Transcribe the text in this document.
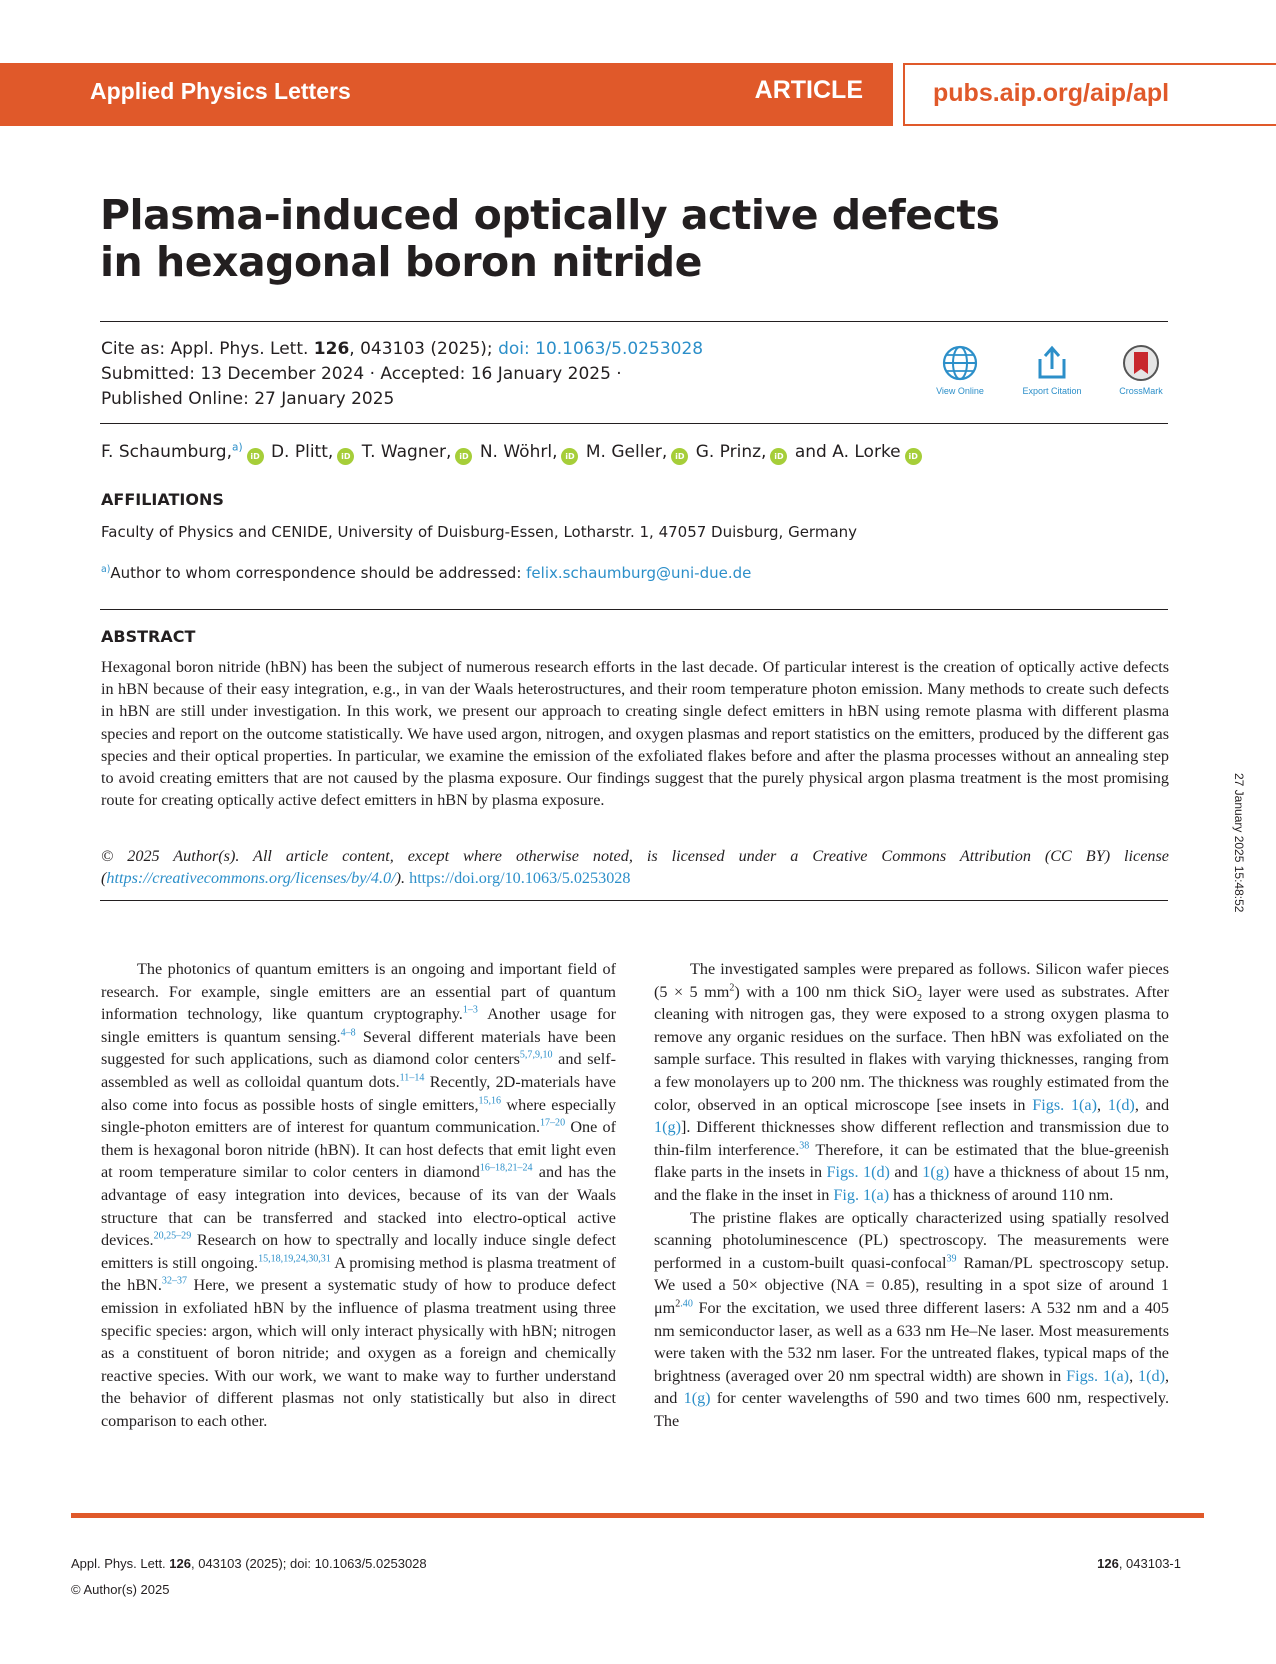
Applied Physics Letters	ARTICLE	pubs.aip.org/aip/apl
Plasma-induced optically active defects
in hexagonal boron nitride
Cite as: Appl. Phys. Lett. 126, 043103 (2025); doi: 10.1063/5.0253028
Submitted: 13 December 2024 · Accepted: 16 January 2025 ·
Published Online: 27 January 2025	View Online	Export Citation	CrossMark
F. Schaumburg,$^{a)}$iD D. Plitt, iD T. Wagner, iD N. Wöhrl, iD M. Geller, iD G. Prinz, iD and A. Lorke iD
AFFILIATIONS
Faculty of Physics and CENIDE, University of Duisburg-Essen, Lotharstr. 1, 47057 Duisburg, Germany
$^{a)}$Author to whom correspondence should be addressed: felix.schaumburg@uni-due.de
ABSTRACT
Hexagonal boron nitride (hBN) has been the subject of numerous research efforts in the last decade. Of particular interest is the creation of optically active defects in hBN because of their easy integration, e.g., in van der Waals heterostructures, and their room temperature photon emission. Many methods to create such defects in hBN are still under investigation. In this work, we present our approach to creating single defect emitters in hBN using remote plasma with different plasma species and report on the outcome statistically. We have used argon, nitrogen, and oxygen plasmas and report statistics on the emitters, produced by the different gas species and their optical properties. In particular, we examine the emission of the exfoliated flakes before and after the plasma processes without an annealing step to avoid creating emitters that are not caused by the plasma exposure. Our findings suggest that the purely physical argon plasma treatment is the most promising route for creating optically active defect emitters in hBN by plasma exposure.
© 2025 Author(s). All article content, except where otherwise noted, is licensed under a Creative Commons Attribution (CC BY) license (https://creativecommons.org/licenses/by/4.0/). https://doi.org/10.1063/5.0253028

The photonics of quantum emitters is an ongoing and important field of research. For example, single emitters are an essential part of quantum information technology, like quantum cryptography.$^{1-3}$ Another usage for single emitters is quantum sensing.$^{4-8}$ Several different materials have been suggested for such applications, such as diamond color centers$^{5,7,9,10}$ and self-assembled as well as colloidal quantum dots.$^{11-14}$ Recently, 2D-materials have also come into focus as possible hosts of single emitters,$^{15,16}$ where especially single-photon emitters are of interest for quantum communication.$^{17-20}$ One of them is hexagonal boron nitride (hBN). It can host defects that emit light even at room temperature similar to color centers in diamond$^{16-18,21-24}$ and has the advantage of easy integration into devices, because of its van der Waals structure that can be transferred and stacked into electro-optical active devices.$^{20,25-29}$ Research on how to spectrally and locally induce single defect emitters is still ongoing.$^{15,18,19,24,30,31}$ A promising method is plasma treatment of the hBN.$^{32-37}$ Here, we present a systematic study of how to produce defect emission in exfoliated hBN by the influence of plasma treatment using three specific species: argon, which will only interact physically with hBN; nitrogen as a constituent of boron nitride; and oxygen as a foreign and chemically reactive species. With our work, we want to make way to further understand the behavior of different plasmas not only statistically but also in direct comparison to each other.

The investigated samples were prepared as follows. Silicon wafer pieces (5 × 5 $mm^2$) with a 100 nm thick SiO$_2$ layer were used as substrates. After cleaning with nitrogen gas, they were exposed to a strong oxygen plasma to remove any organic residues on the surface. Then hBN was exfoliated on the sample surface. This resulted in flakes with varying thicknesses, ranging from a few monolayers up to 200 nm. The thickness was roughly estimated from the color, observed in an optical microscope [see insets in Figs. 1(a), 1(d), and 1(g)]. Different thicknesses show different reflection and transmission due to thin-film interference.$^{38}$ Therefore, it can be estimated that the blue-greenish flake parts in the insets in Figs. 1(d) and 1(g) have a thickness of about 15 nm, and the flake in the inset in Fig. 1(a) has a thickness of around 110 nm.

The pristine flakes are optically characterized using spatially resolved scanning photoluminescence (PL) spectroscopy. The measurements were performed in a custom-built quasi-confocal$^{39}$ Raman/PL spectroscopy setup. We used a 50× objective (NA = 0.85), resulting in a spot size of around 1 $\mu m^{2.40}$ For the excitation, we used three different lasers: A 532 nm and a 405 nm semiconductor laser, as well as a 633 nm He–Ne laser. Most measurements were taken with the 532 nm laser. For the untreated flakes, typical maps of the brightness (averaged over 20 nm spectral width) are shown in Figs. 1(a), 1(d), and 1(g) for center wavelengths of 590 and two times 600 nm, respectively. The

27 January 2025 15:48:52
Appl. Phys. Lett. 126, 043103 (2025); doi: 10.1063/5.0253028
© Author(s) 2025
126, 043103-1
